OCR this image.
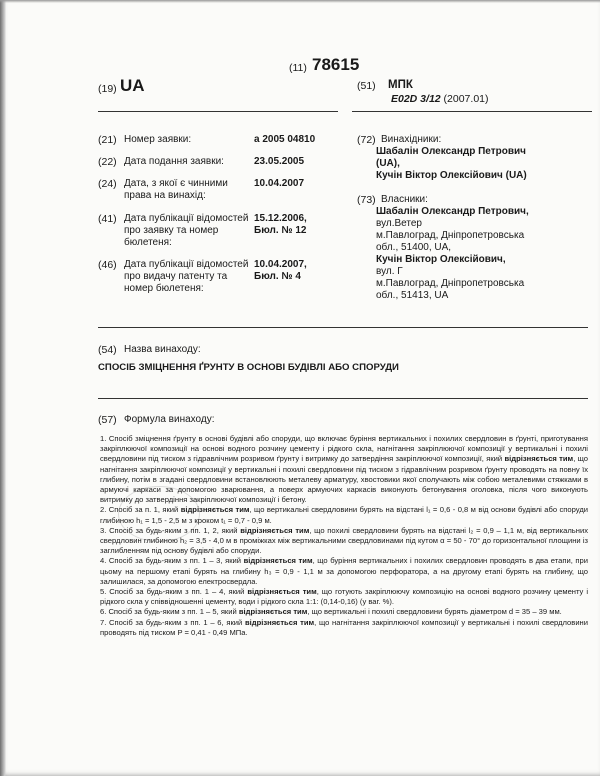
(11) 78615
(19) UA	(51) МПК
E02D 3/12 (2007.01)
(21) Номер заявки:	а 2005 04810
(22) Дата подання заявки:	23.05.2005
(24) Дата, з якої є чинними
права на винахід:
10.04.2007
(41) Дата публікації відомостей
про заявку та номер
бюлетеня:
15.12.2006,
Бюл. № 12
(46) Дата публікації відомостей
про видачу патенту та
номер бюлетеня:
10.04.2007,
Бюл. № 4
(72) Винахідники:
Шабалін Олександр Петрович
(UA),
Кучін Віктор Олексійович (UA)
(73) Власники:
Шабалін Олександр Петрович,
вул.Ветер
м.Павлоград, Дніпропетровська
обл., 51400, UA,
Кучін Віктор Олексійович,
вул. Г
м.Павлоград, Дніпропетровська
обл., 51413, UA
(54) Назва винаходу:
СПОСІБ ЗМІЦНЕННЯ ҐРУНТУ В ОСНОВІ БУДІВЛІ АБО СПОРУДИ
(57) Формула винаходу:

1. Спосіб зміцнення ґрунту в основі будівлі або споруди, що включає буріння вертикальних і похилих свердловин в ґрунті, приготування закріплюючої композиції на основі водного розчину цементу і рідкого скла, нагнітання закріплюючої композиції у вертикальні і похилі свердловини під тиском з гідравлічним розривом ґрунту і витримку до затвердіння закріплюючої композиції, який відрізняється тим, що нагнітання закріплюючої композиції у вертикальні і похилі свердловини під тиском з гідравлічним розривом ґрунту проводять на повну їх глибину, потім в згадані свердловини встановлюють металеву арматуру, хвостовики якої сполучають між собою металевими стяжками в армуючі каркаси за допомогою зварювання, а поверх армуючих каркасів виконують бетонування оголовка, після чого виконують витримку до затвердіння закріплюючої композиції і бетону.

2. Спосіб за п. 1, який відрізняється тим, що вертикальні свердловини бурять на відстані l₁ = 0,6 - 0,8 м від основи будівлі або споруди глибиною h₁ = 1,5 - 2,5 м з кроком t₁ = 0,7 - 0,9 м.

3. Спосіб за будь-яким з пп. 1, 2, який відрізняється тим, що похилі свердловини бурять на відстані l₂ = 0,9 – 1,1 м, від вертикальних свердловин глибиною h₂ = 3,5 - 4,0 м в проміжках між вертикальними свердловинами під кутом α = 50 - 70° до горизонтальної площини із заглибленням під основу будівлі або споруди.

4. Спосіб за будь-яким з пп. 1 – 3, який відрізняється тим, що буріння вертикальних і похилих свердловин проводять в два етапи, при цьому на першому етапі бурять на глибину h₃ = 0,9 - 1,1 м за допомогою перфоратора, а на другому етапі бурять на глибину, що залишилася, за допомогою електросвердла.

5. Спосіб за будь-яким з пп. 1 – 4, який відрізняється тим, що готують закріплюючу композицію на основі водного розчину цементу і рідкого скла у співвідношенні цементу, води і рідкого скла 1:1: (0,14-0,16) (у ваг. %).

6. Спосіб за будь-яким з пп. 1 – 5, який відрізняється тим, що вертикальні і похилі свердловини бурять діаметром d = 35 – 39 мм.

7. Спосіб за будь-яким з пп. 1 – 6, який відрізняється тим, що нагнітання закріплюючої композиції у вертикальні і похилі свердловини проводять під тиском P = 0,41 - 0,49 МПа.
